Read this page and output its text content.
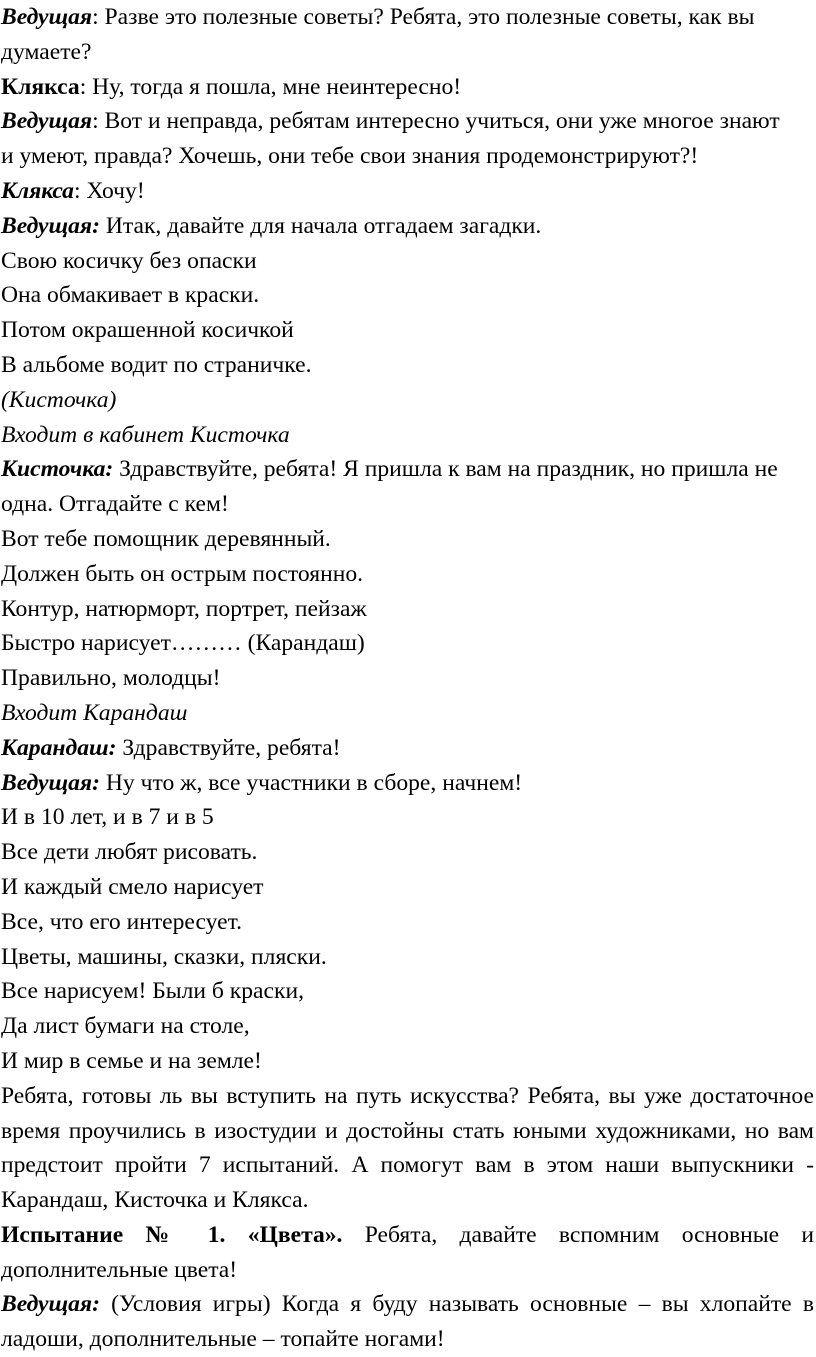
Ведущая: Разве это полезные советы? Ребята, это полезные советы, как вы
думаете?
Клякса: Ну, тогда я пошла, мне неинтересно!
Ведущая: Вот и неправда, ребятам интересно учиться, они уже многое знают
и умеют, правда? Хочешь, они тебе свои знания продемонстрируют?!
Клякса: Хочу!
Ведущая: Итак, давайте для начала отгадаем загадки.
Свою косичку без опаски
Она обмакивает в краски.
Потом окрашенной косичкой
В альбоме водит по страничке.
(Кисточка)
Входит в кабинет Кисточка
Кисточка: Здравствуйте, ребята! Я пришла к вам на праздник, но пришла не
одна. Отгадайте с кем!
Вот тебе помощник деревянный.
Должен быть он острым постоянно.
Контур, натюрморт, портрет, пейзаж
Быстро нарисует……… (Карандаш)
Правильно, молодцы!
Входит Карандаш
Карандаш: Здравствуйте, ребята!
Ведущая: Ну что ж, все участники в сборе, начнем!
И в 10 лет, и в 7 и в 5
Все дети любят рисовать.
И каждый смело нарисует
Все, что его интересует.
Цветы, машины, сказки, пляски.
Все нарисуем! Были б краски,
Да лист бумаги на столе,
И мир в семье и на земле!
Ребята, готовы ль вы вступить на путь искусства? Ребята, вы уже достаточное
время проучились в изостудии и достойны стать юными художниками, но вам
предстоит пройти 7 испытаний. А помогут вам в этом наши выпускники -
Карандаш, Кисточка и Клякса.
Испытание № 1. «Цвета». Ребята, давайте вспомним основные и
дополнительные цвета!
Ведущая: (Условия игры) Когда я буду называть основные – вы хлопайте в
ладоши, дополнительные – топайте ногами!
